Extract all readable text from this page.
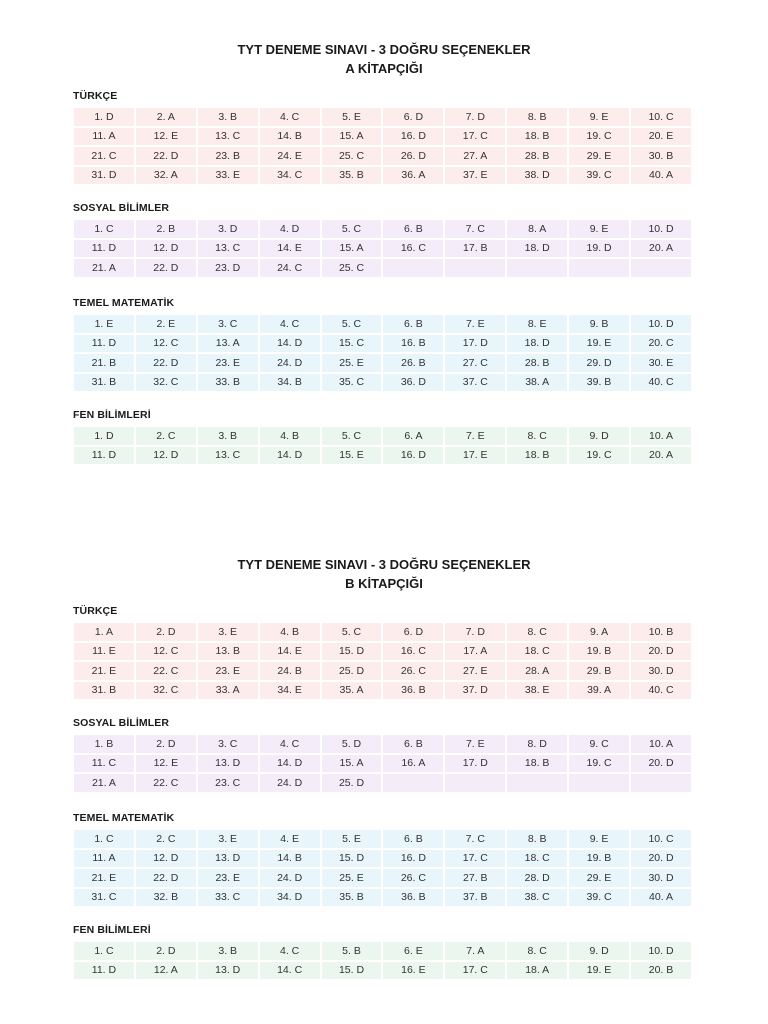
TYT DENEME SINAVI - 3 DOĞRU SEÇENEKLER
A KİTAPÇIĞI
TÜRKÇE
1. D	2. A	3. B	4. C	5. E	6. D	7. D	8. B	9. E	10. C
11. A	12. E	13. C	14. B	15. A	16. D	17. C	18. B	19. C	20. E
21. C	22. D	23. B	24. E	25. C	26. D	27. A	28. B	29. E	30. B
31. D	32. A	33. E	34. C	35. B	36. A	37. E	38. D	39. C	40. A
SOSYAL BİLİMLER
1. C	2. B	3. D	4. D	5. C	6. B	7. C	8. A	9. E	10. D
11. D	12. D	13. C	14. E	15. A	16. C	17. B	18. D	19. D	20. A
21. A	22. D	23. D	24. C	25. C					
TEMEL MATEMATİK
1. E	2. E	3. C	4. C	5. C	6. B	7. E	8. E	9. B	10. D
11. D	12. C	13. A	14. D	15. C	16. B	17. D	18. D	19. E	20. C
21. B	22. D	23. E	24. D	25. E	26. B	27. C	28. B	29. D	30. E
31. B	32. C	33. B	34. B	35. C	36. D	37. C	38. A	39. B	40. C
FEN BİLİMLERİ
1. D	2. C	3. B	4. B	5. C	6. A	7. E	8. C	9. D	10. A
11. D	12. D	13. C	14. D	15. E	16. D	17. E	18. B	19. C	20. A
TYT DENEME SINAVI - 3 DOĞRU SEÇENEKLER
B KİTAPÇIĞI
TÜRKÇE
1. A	2. D	3. E	4. B	5. C	6. D	7. D	8. C	9. A	10. B
11. E	12. C	13. B	14. E	15. D	16. C	17. A	18. C	19. B	20. D
21. E	22. C	23. E	24. B	25. D	26. C	27. E	28. A	29. B	30. D
31. B	32. C	33. A	34. E	35. A	36. B	37. D	38. E	39. A	40. C
SOSYAL BİLİMLER
1. B	2. D	3. C	4. C	5. D	6. B	7. E	8. D	9. C	10. A
11. C	12. E	13. D	14. D	15. A	16. A	17. D	18. B	19. C	20. D
21. A	22. C	23. C	24. D	25. D					
TEMEL MATEMATİK
1. C	2. C	3. E	4. E	5. E	6. B	7. C	8. B	9. E	10. C
11. A	12. D	13. D	14. B	15. D	16. D	17. C	18. C	19. B	20. D
21. E	22. D	23. E	24. D	25. E	26. C	27. B	28. D	29. E	30. D
31. C	32. B	33. C	34. D	35. B	36. B	37. B	38. C	39. C	40. A
FEN BİLİMLERİ
1. C	2. D	3. B	4. C	5. B	6. E	7. A	8. C	9. D	10. D
11. D	12. A	13. D	14. C	15. D	16. E	17. C	18. A	19. E	20. B
